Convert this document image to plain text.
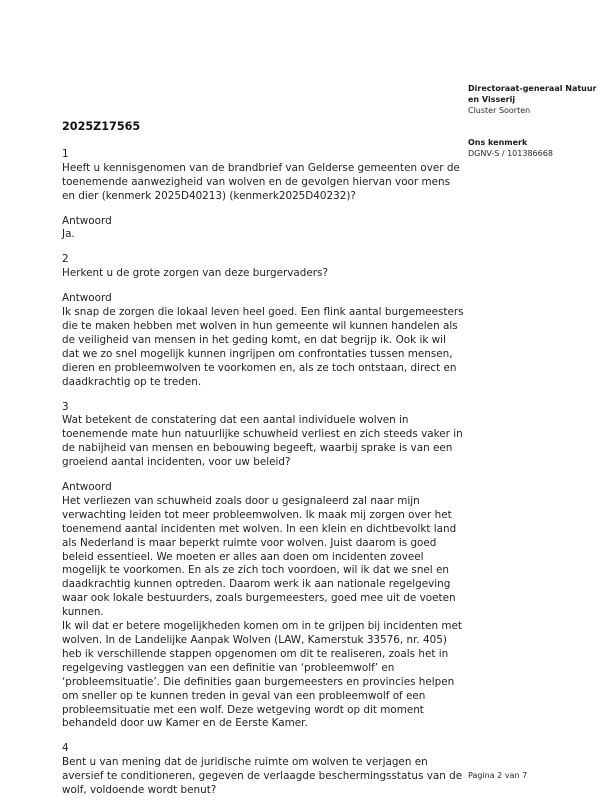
Directoraat-generaal Natuur en Visserij
Cluster Soorten
Ons kenmerk
DGNV-S / 101386668
2025Z17565
1
Heeft u kennisgenomen van de brandbrief van Gelderse gemeenten over de toenemende aanwezigheid van wolven en de gevolgen hiervan voor mens en dier (kenmerk 2025D40213) (kenmerk2025D40232)?
Antwoord
Ja.
2
Herkent u de grote zorgen van deze burgervaders?
Antwoord
Ik snap de zorgen die lokaal leven heel goed. Een flink aantal burgemeesters die te maken hebben met wolven in hun gemeente wil kunnen handelen als de veiligheid van mensen in het geding komt, en dat begrijp ik. Ook ik wil dat we zo snel mogelijk kunnen ingrijpen om confrontaties tussen mensen, dieren en probleemwolven te voorkomen en, als ze toch ontstaan, direct en daadkrachtig op te treden.
3
Wat betekent de constatering dat een aantal individuele wolven in toenemende mate hun natuurlijke schuwheid verliest en zich steeds vaker in de nabijheid van mensen en bebouwing begeeft, waarbij sprake is van een groeiend aantal incidenten, voor uw beleid?
Antwoord
Het verliezen van schuwheid zoals door u gesignaleerd zal naar mijn verwachting leiden tot meer probleemwolven. Ik maak mij zorgen over het toenemend aantal incidenten met wolven. In een klein en dichtbevolkt land als Nederland is maar beperkt ruimte voor wolven. Juist daarom is goed beleid essentieel. We moeten er alles aan doen om incidenten zoveel mogelijk te voorkomen. En als ze zich toch voordoen, wil ik dat we snel en daadkrachtig kunnen optreden. Daarom werk ik aan nationale regelgeving waar ook lokale bestuurders, zoals burgemeesters, goed mee uit de voeten kunnen.
Ik wil dat er betere mogelijkheden komen om in te grijpen bij incidenten met wolven. In de Landelijke Aanpak Wolven (LAW, Kamerstuk 33576, nr. 405) heb ik verschillende stappen opgenomen om dit te realiseren, zoals het in regelgeving vastleggen van een definitie van ‘probleemwolf’ en ‘probleemsituatie’. Die definities gaan burgemeesters en provincies helpen om sneller op te kunnen treden in geval van een probleemwolf of een probleemsituatie met een wolf. Deze wetgeving wordt op dit moment behandeld door uw Kamer en de Eerste Kamer.
4
Bent u van mening dat de juridische ruimte om wolven te verjagen en aversief te conditioneren, gegeven de verlaagde beschermingsstatus van de wolf, voldoende wordt benut?
Pagina 2 van 7
